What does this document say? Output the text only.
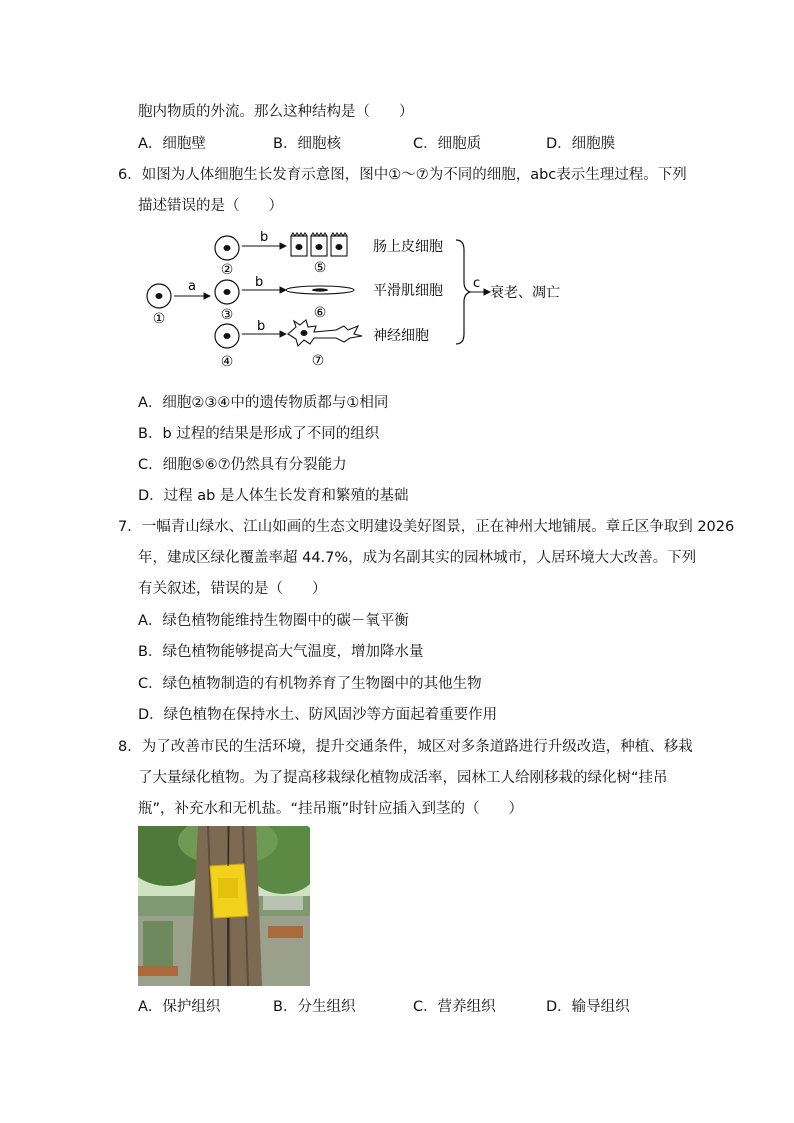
胞内物质的外流。那么这种结构是（　　）
A．细胞壁	B．细胞核	C．细胞质	D．细胞膜
6．如图为人体细胞生长发育示意图，图中①～⑦为不同的细胞，abc表示生理过程。下列
描述错误的是（　　）
①
a
②
③
④
b
b
b
⑤
⑥
⑦
肠上皮细胞
平滑肌细胞
神经细胞
c
衰老、凋亡
A．细胞②③④中的遗传物质都与①相同
B．b 过程的结果是形成了不同的组织
C．细胞⑤⑥⑦仍然具有分裂能力
D．过程 ab 是人体生长发育和繁殖的基础
7．一幅青山绿水、江山如画的生态文明建设美好图景，正在神州大地铺展。章丘区争取到 2026
年，建成区绿化覆盖率超 44.7%，成为名副其实的园林城市，人居环境大大改善。下列
有关叙述，错误的是（　　）
A．绿色植物能维持生物圈中的碳－氧平衡
B．绿色植物能够提高大气温度，增加降水量
C．绿色植物制造的有机物养育了生物圈中的其他生物
D．绿色植物在保持水土、防风固沙等方面起着重要作用
8．为了改善市民的生活环境，提升交通条件，城区对多条道路进行升级改造，种植、移栽
了大量绿化植物。为了提高移栽绿化植物成活率，园林工人给刚移栽的绿化树“挂吊
瓶”，补充水和无机盐。“挂吊瓶”时针应插入到茎的（　　）
A．保护组织	B．分生组织	C．营养组织	D．输导组织
